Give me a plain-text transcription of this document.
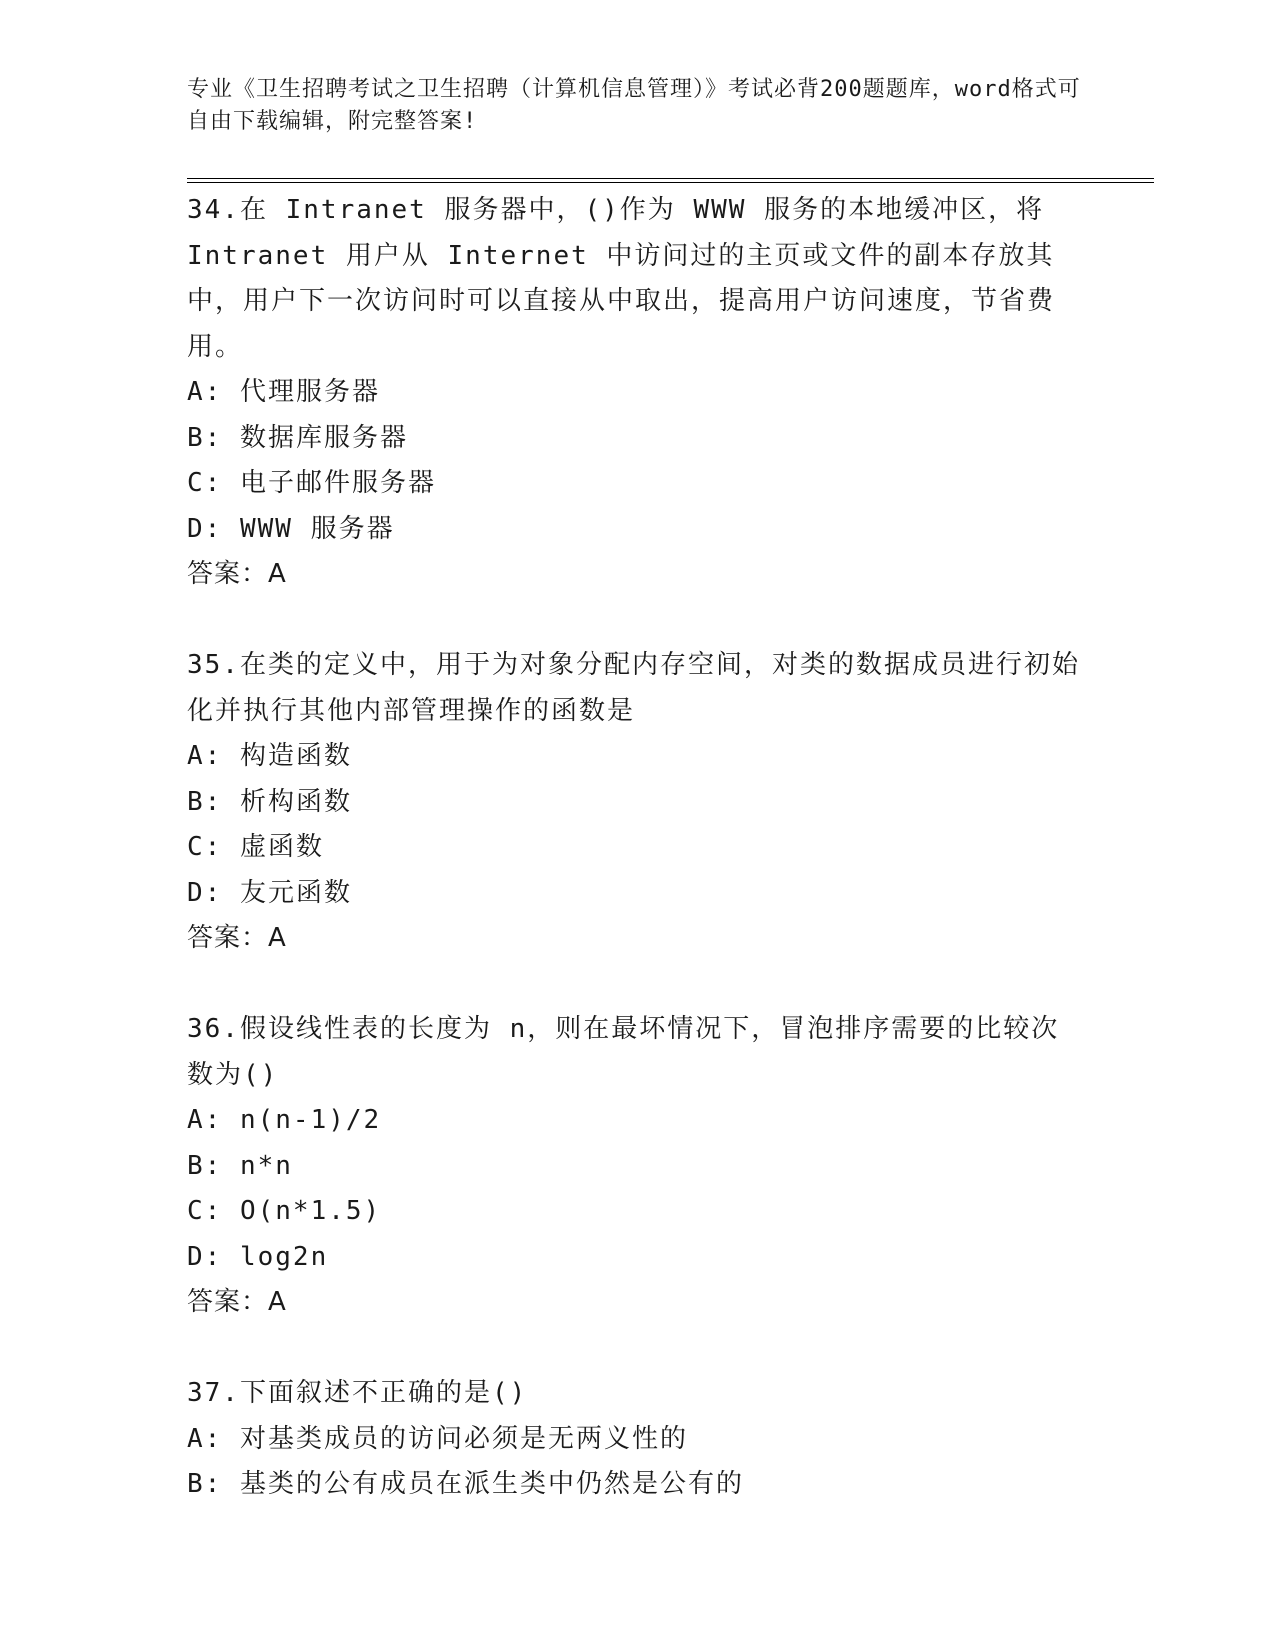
专业《卫生招聘考试之卫生招聘（计算机信息管理）》考试必背200题题库，word格式可自由下载编辑，附完整答案!

34.在 Intranet 服务器中，()作为 WWW 服务的本地缓冲区，将Intranet 用户从 Internet 中访问过的主页或文件的副本存放其中，用户下一次访问时可以直接从中取出，提高用户访问速度，节省费用。

A: 代理服务器

B: 数据库服务器

C: 电子邮件服务器

D: WWW 服务器

答案：A

35.在类的定义中，用于为对象分配内存空间，对类的数据成员进行初始化并执行其他内部管理操作的函数是

A: 构造函数

B: 析构函数

C: 虚函数

D: 友元函数

答案：A

36.假设线性表的长度为 n，则在最坏情况下，冒泡排序需要的比较次数为()

A: n(n-1)/2

B: n*n

C: O(n*1.5)

D: log2n

答案：A

37.下面叙述不正确的是()

A: 对基类成员的访问必须是无两义性的

B: 基类的公有成员在派生类中仍然是公有的
